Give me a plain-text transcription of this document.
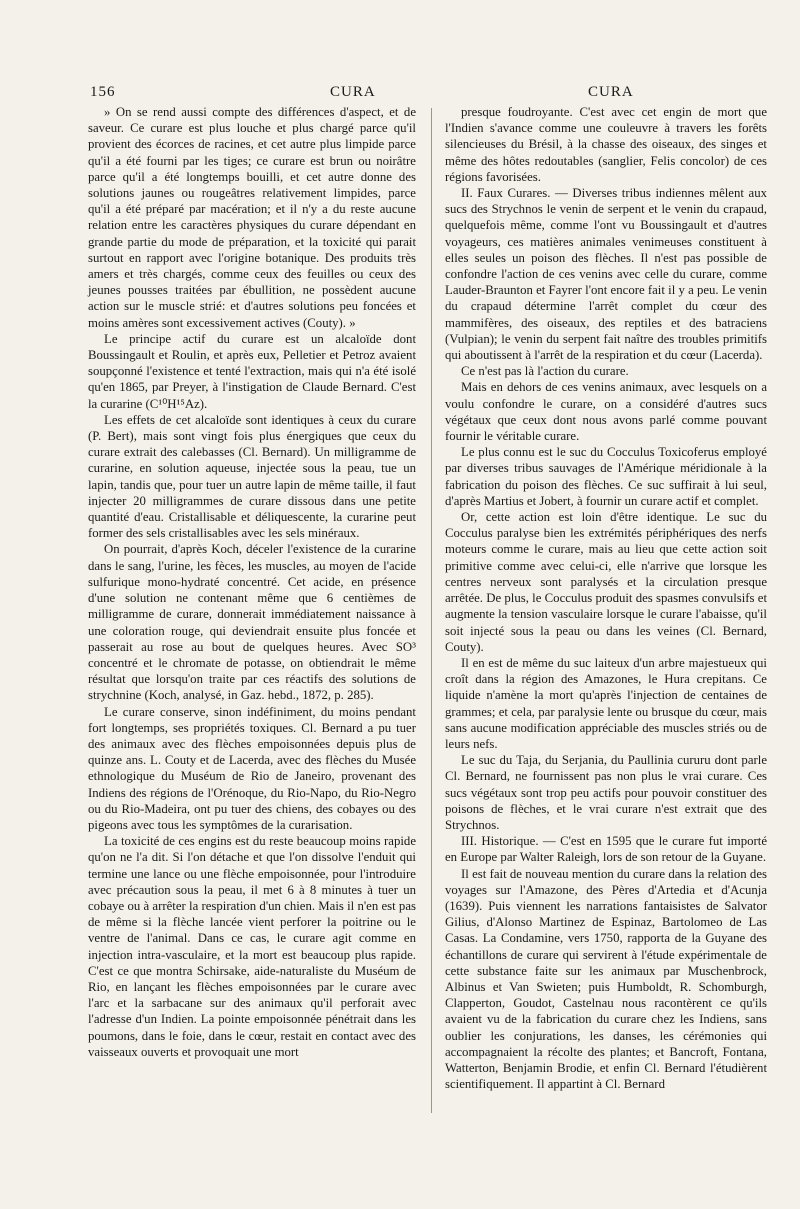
156	CURA	CURA

» On se rend aussi compte des différences d'aspect, et de saveur. Ce curare est plus louche et plus chargé parce qu'il provient des écorces de racines, et cet autre plus limpide parce qu'il a été fourni par les tiges; ce curare est brun ou noirâtre parce qu'il a été longtemps bouilli, et cet autre donne des solutions jaunes ou rougeâtres relativement limpides, parce qu'il a été préparé par macération; et il n'y a du reste aucune relation entre les caractères physiques du curare dépendant en grande partie du mode de préparation, et la toxicité qui parait surtout en rapport avec l'origine botanique. Des produits très amers et très chargés, comme ceux des feuilles ou ceux des jeunes pousses traitées par ébullition, ne possèdent aucune action sur le muscle strié: et d'autres solutions peu foncées et moins amères sont excessivement actives (Couty). »

Le principe actif du curare est un alcaloïde dont Boussingault et Roulin, et après eux, Pelletier et Petroz avaient soupçonné l'existence et tenté l'extraction, mais qui n'a été isolé qu'en 1865, par Preyer, à l'instigation de Claude Bernard. C'est la curarine (C¹⁰H¹⁵Az).

Les effets de cet alcaloïde sont identiques à ceux du curare (P. Bert), mais sont vingt fois plus énergiques que ceux du curare extrait des calebasses (Cl. Bernard). Un milligramme de curarine, en solution aqueuse, injectée sous la peau, tue un lapin, tandis que, pour tuer un autre lapin de même taille, il faut injecter 20 milligrammes de curare dissous dans une petite quantité d'eau. Cristallisable et déliquescente, la curarine peut former des sels cristallisables avec les sels minéraux.

On pourrait, d'après Koch, déceler l'existence de la curarine dans le sang, l'urine, les fèces, les muscles, au moyen de l'acide sulfurique mono-hydraté concentré. Cet acide, en présence d'une solution ne contenant même que 6 centièmes de milligramme de curare, donnerait immédiatement naissance à une coloration rouge, qui deviendrait ensuite plus foncée et passerait au rose au bout de quelques heures. Avec SO³ concentré et le chromate de potasse, on obtiendrait le même résultat que lorsqu'on traite par ces réactifs des solutions de strychnine (Koch, analysé, in Gaz. hebd., 1872, p. 285).

Le curare conserve, sinon indéfiniment, du moins pendant fort longtemps, ses propriétés toxiques. Cl. Bernard a pu tuer des animaux avec des flèches empoisonnées depuis plus de quinze ans. L. Couty et de Lacerda, avec des flèches du Musée ethnologique du Muséum de Rio de Janeiro, provenant des Indiens des régions de l'Orénoque, du Rio-Napo, du Rio-Negro ou du Rio-Madeira, ont pu tuer des chiens, des cobayes ou des pigeons avec tous les symptômes de la curarisation.

La toxicité de ces engins est du reste beaucoup moins rapide qu'on ne l'a dit. Si l'on détache et que l'on dissolve l'enduit qui termine une lance ou une flèche empoisonnée, pour l'introduire avec précaution sous la peau, il met 6 à 8 minutes à tuer un cobaye ou à arrêter la respiration d'un chien. Mais il n'en est pas de même si la flèche lancée vient perforer la poitrine ou le ventre de l'animal. Dans ce cas, le curare agit comme en injection intra-vasculaire, et la mort est beaucoup plus rapide. C'est ce que montra Schirsake, aide-naturaliste du Muséum de Rio, en lançant les flèches empoisonnées par le curare avec l'arc et la sarbacane sur des animaux qu'il perforait avec l'adresse d'un Indien. La pointe empoisonnée pénétrait dans les poumons, dans le foie, dans le cœur, restait en contact avec des vaisseaux ouverts et provoquait une mort

presque foudroyante. C'est avec cet engin de mort que l'Indien s'avance comme une couleuvre à travers les forêts silencieuses du Brésil, à la chasse des oiseaux, des singes et même des hôtes redoutables (sanglier, Felis concolor) de ces régions favorisées.

II. Faux Curares. — Diverses tribus indiennes mêlent aux sucs des Strychnos le venin de serpent et le venin du crapaud, quelquefois même, comme l'ont vu Boussingault et d'autres voyageurs, ces matières animales venimeuses constituent à elles seules un poison des flèches. Il n'est pas possible de confondre l'action de ces venins avec celle du curare, comme Lauder-Braunton et Fayrer l'ont encore fait il y a peu. Le venin du crapaud détermine l'arrêt complet du cœur des mammifères, des oiseaux, des reptiles et des batraciens (Vulpian); le venin du serpent fait naître des troubles primitifs qui aboutissent à l'arrêt de la respiration et du cœur (Lacerda).

Ce n'est pas là l'action du curare.

Mais en dehors de ces venins animaux, avec lesquels on a voulu confondre le curare, on a considéré d'autres sucs végétaux que ceux dont nous avons parlé comme pouvant fournir le véritable curare.

Le plus connu est le suc du Cocculus Toxicoferus employé par diverses tribus sauvages de l'Amérique méridionale à la fabrication du poison des flèches. Ce suc suffirait à lui seul, d'après Martius et Jobert, à fournir un curare actif et complet.

Or, cette action est loin d'être identique. Le suc du Cocculus paralyse bien les extrémités périphériques des nerfs moteurs comme le curare, mais au lieu que cette action soit primitive comme avec celui-ci, elle n'arrive que lorsque les centres nerveux sont paralysés et la circulation presque arrêtée. De plus, le Cocculus produit des spasmes convulsifs et augmente la tension vasculaire lorsque le curare l'abaisse, qu'il soit injecté sous la peau ou dans les veines (Cl. Bernard, Couty).

Il en est de même du suc laiteux d'un arbre majestueux qui croît dans la région des Amazones, le Hura crepitans. Ce liquide n'amène la mort qu'après l'injection de centaines de grammes; et cela, par paralysie lente ou brusque du cœur, mais sans aucune modification appréciable des muscles striés ou de leurs nefs.

Le suc du Taja, du Serjania, du Paullinia cururu dont parle Cl. Bernard, ne fournissent pas non plus le vrai curare. Ces sucs végétaux sont trop peu actifs pour pouvoir constituer des poisons de flèches, et le vrai curare n'est extrait que des Strychnos.

III. Historique. — C'est en 1595 que le curare fut importé en Europe par Walter Raleigh, lors de son retour de la Guyane.

Il est fait de nouveau mention du curare dans la relation des voyages sur l'Amazone, des Pères d'Artedia et d'Acunja (1639). Puis viennent les narrations fantaisistes de Salvator Gilius, d'Alonso Martinez de Espinaz, Bartolomeo de Las Casas. La Condamine, vers 1750, rapporta de la Guyane des échantillons de curare qui servirent à l'étude expérimentale de cette substance faite sur les animaux par Muschenbrock, Albinus et Van Swieten; puis Humboldt, R. Schomburgh, Clapperton, Goudot, Castelnau nous racontèrent ce qu'ils avaient vu de la fabrication du curare chez les Indiens, sans oublier les conjurations, les danses, les cérémonies qui accompagnaient la récolte des plantes; et Bancroft, Fontana, Watterton, Benjamin Brodie, et enfin Cl. Bernard l'étudièrent scientifiquement. Il appartint à Cl. Bernard
